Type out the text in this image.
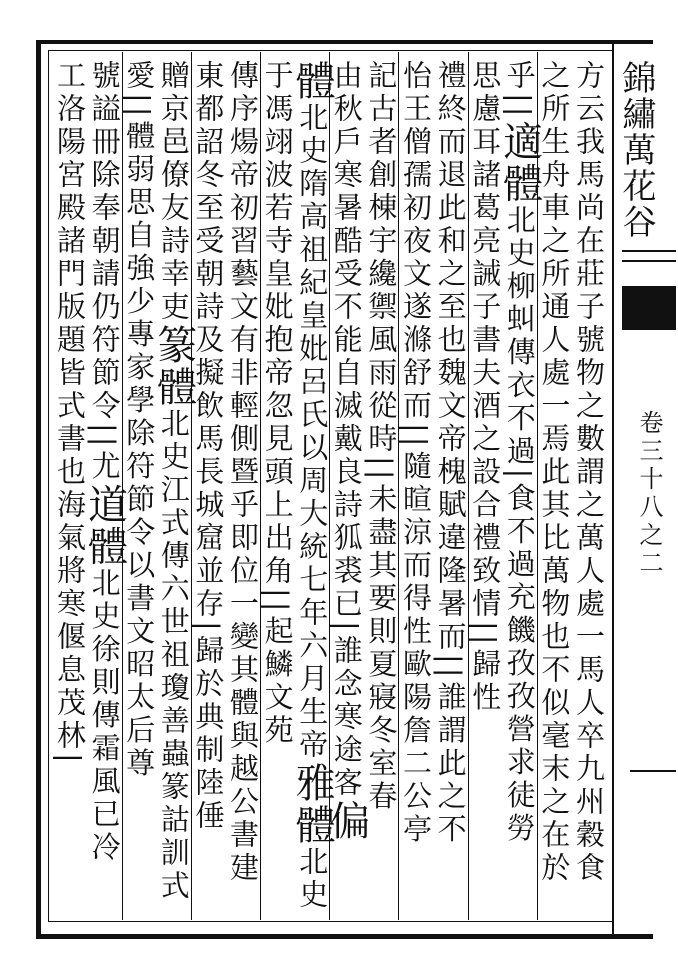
錦繡萬花谷
卷三十八之二
方云我馬尚在莊子號物之數謂之萬人處一馬人卒九州穀食
之所生舟車之所通人處一焉此其比萬物也不似毫末之在於
乎||適體北史柳虯傳衣不過|食不過充饑孜孜營求徒勞
思慮耳諸葛亮誡子書夫酒之設合禮致情||歸性
禮終而退此和之至也魏文帝槐賦違隆暑而||誰謂此之不
怡王僧孺初夜文遂滌舒而||隨暄涼而得性歐陽詹二公亭
記古者創棟宇纔禦風雨從時||未盡其要則夏寢冬室春
由秋戶寒暑酷受不能自滅戴良詩狐裘已|誰念寒途客偏
體北史隋高祖紀皇妣呂氏以周大統七年六月生帝雅體北史
于馮翊波若寺皇妣抱帝忽見頭上出角||起鱗文苑
傳序煬帝初習藝文有非輕側暨乎即位一變其體與越公書建
東都詔冬至受朝詩及擬飲馬長城窟並存|歸於典制陸倕
贈京邑僚友詩幸吏篆體北史江式傳六世祖瓊善蟲篆詁訓式
愛||體弱思自強少專家學除符節令以書文昭太后尊
號謚冊除奉朝請仍符節令||尤道體北史徐則傳霜風已冷
工洛陽宮殿諸門版題皆式書也海氣將寒偃息茂林|
